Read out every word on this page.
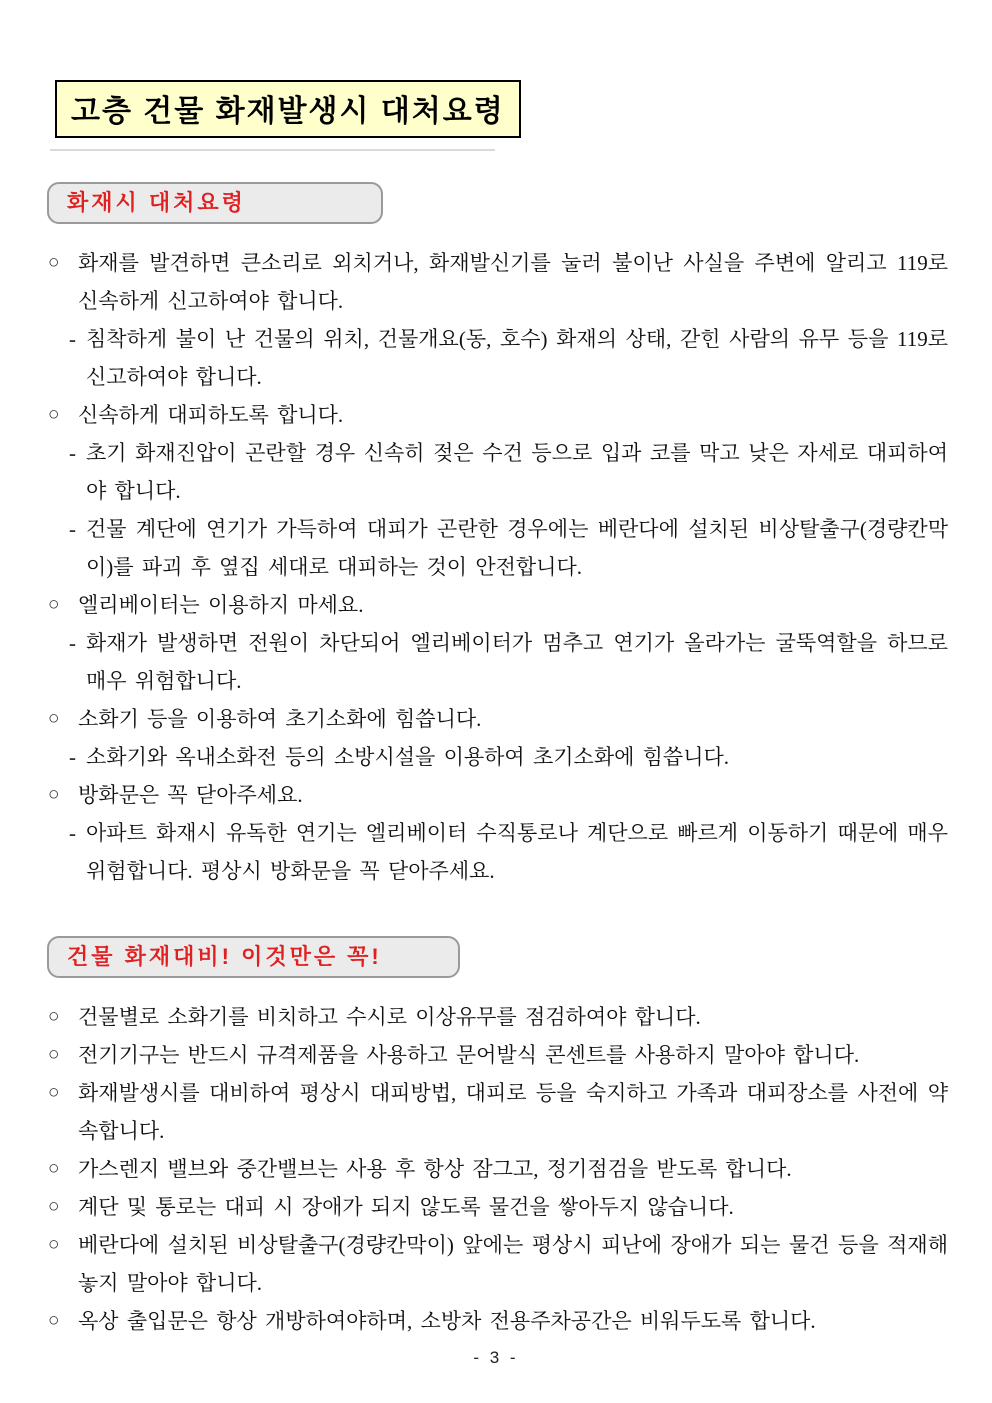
고층 건물 화재발생시 대처요령
화재시 대처요령
○ 화재를 발견하면 큰소리로 외치거나, 화재발신기를 눌러 불이난 사실을 주변에 알리고 119로 신속하게 신고하여야 합니다.
- 침착하게 불이 난 건물의 위치, 건물개요(동, 호수) 화재의 상태, 갇힌 사람의 유무 등을 119로 신고하여야 합니다.
○ 신속하게 대피하도록 합니다.
- 초기 화재진압이 곤란할 경우 신속히 젖은 수건 등으로 입과 코를 막고 낮은 자세로 대피하여야 합니다.
- 건물 계단에 연기가 가득하여 대피가 곤란한 경우에는 베란다에 설치된 비상탈출구(경량칸막이)를 파괴 후 옆집 세대로 대피하는 것이 안전합니다.
○ 엘리베이터는 이용하지 마세요.
- 화재가 발생하면 전원이 차단되어 엘리베이터가 멈추고 연기가 올라가는 굴뚝역할을 하므로 매우 위험합니다.
○ 소화기 등을 이용하여 초기소화에 힘씁니다.
- 소화기와 옥내소화전 등의 소방시설을 이용하여 초기소화에 힘씁니다.
○ 방화문은 꼭 닫아주세요.
- 아파트 화재시 유독한 연기는 엘리베이터 수직통로나 계단으로 빠르게 이동하기 때문에 매우 위험합니다. 평상시 방화문을 꼭 닫아주세요.
건물 화재대비! 이것만은 꼭!
○ 건물별로 소화기를 비치하고 수시로 이상유무를 점검하여야 합니다.
○ 전기기구는 반드시 규격제품을 사용하고 문어발식 콘센트를 사용하지 말아야 합니다.
○ 화재발생시를 대비하여 평상시 대피방법, 대피로 등을 숙지하고 가족과 대피장소를 사전에 약속합니다.
○ 가스렌지 밸브와 중간밸브는 사용 후 항상 잠그고, 정기점검을 받도록 합니다.
○ 계단 및 통로는 대피 시 장애가 되지 않도록 물건을 쌓아두지 않습니다.
○ 베란다에 설치된 비상탈출구(경량칸막이) 앞에는 평상시 피난에 장애가 되는 물건 등을 적재해 놓지 말아야 합니다.
○ 옥상 출입문은 항상 개방하여야하며, 소방차 전용주차공간은 비워두도록 합니다.
- 3 -
